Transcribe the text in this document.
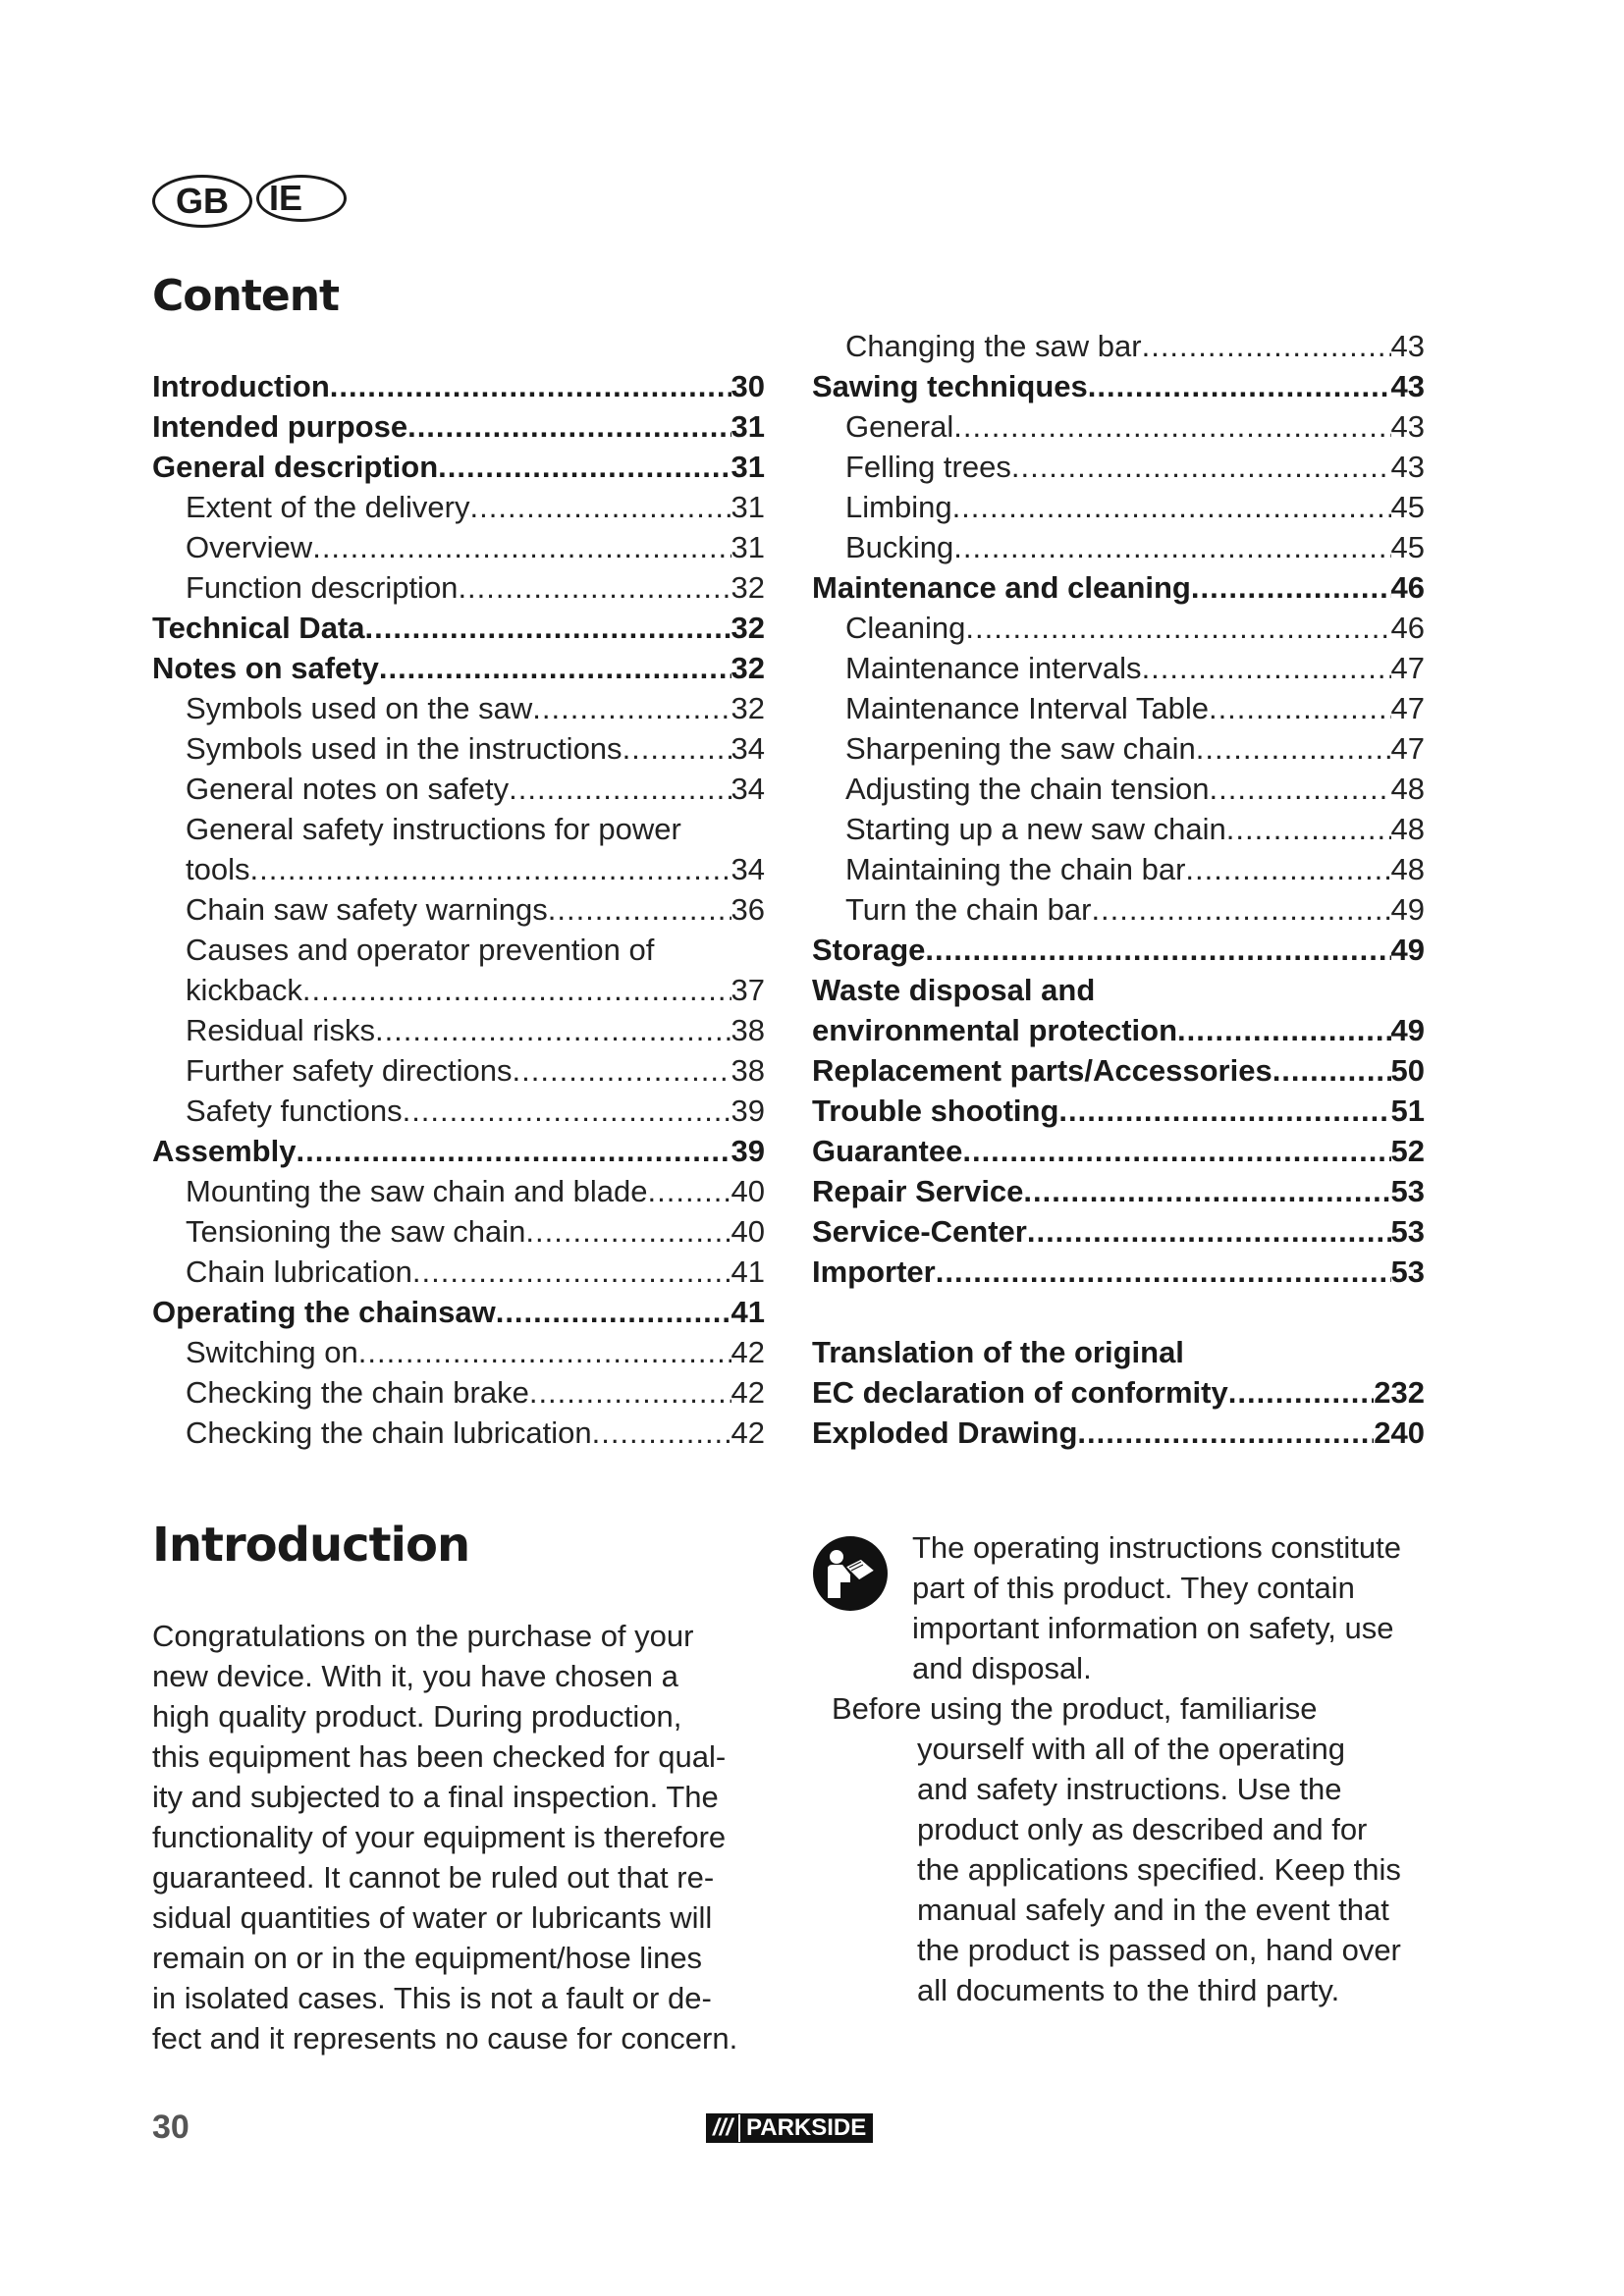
GB	IE
Content
Introduction .....	30
Intended purpose .....	31
General description .....	31
Extent of the delivery .....	31
Overview .....	31
Function description .....	32
Technical Data .....	32
Notes on safety .....	32
Symbols used on the saw .....	32
Symbols used in the instructions .....	34
General notes on safety .....	34
General safety instructions for power
tools .....	34
Chain saw safety warnings .....	36
Causes and operator prevention of
kickback .....	37
Residual risks .....	38
Further safety directions .....	38
Safety functions .....	39
Assembly .....	39
Mounting the saw chain and blade .....	40
Tensioning the saw chain .....	40
Chain lubrication .....	41
Operating the chainsaw .....	41
Switching on .....	42
Checking the chain brake .....	42
Checking the chain lubrication .....	42
Changing the saw bar .....	43
Sawing techniques .....	43
General .....	43
Felling trees .....	43
Limbing .....	45
Bucking .....	45
Maintenance and cleaning .....	46
Cleaning .....	46
Maintenance intervals .....	47
Maintenance Interval Table .....	47
Sharpening the saw chain .....	47
Adjusting the chain tension .....	48
Starting up a new saw chain .....	48
Maintaining the chain bar .....	48
Turn the chain bar .....	49
Storage .....	49
Waste disposal and
environmental protection .....	49
Replacement parts/Accessories .....	50
Trouble shooting .....	51
Guarantee .....	52
Repair Service .....	53
Service-Center .....	53
Importer .....	53
Translation of the original
EC declaration of conformity .....	232
Exploded Drawing .....	240
Introduction
Congratulations on the purchase of your
new device. With it, you have chosen a
high quality product. During production,
this equipment has been checked for qual-
ity and subjected to a final inspection. The
functionality of your equipment is therefore
guaranteed. It cannot be ruled out that re-
sidual quantities of water or lubricants will
remain on or in the equipment/hose lines
in isolated cases. This is not a fault or de-
fect and it represents no cause for concern.
The operating instructions constitute
part of this product. They contain
important information on safety, use
and disposal.
Before using the product, familiarise
yourself with all of the operating
and safety instructions. Use the
product only as described and for
the applications specified. Keep this
manual safely and in the event that
the product is passed on, hand over
all documents to the third party.
30	/// PARKSIDE
